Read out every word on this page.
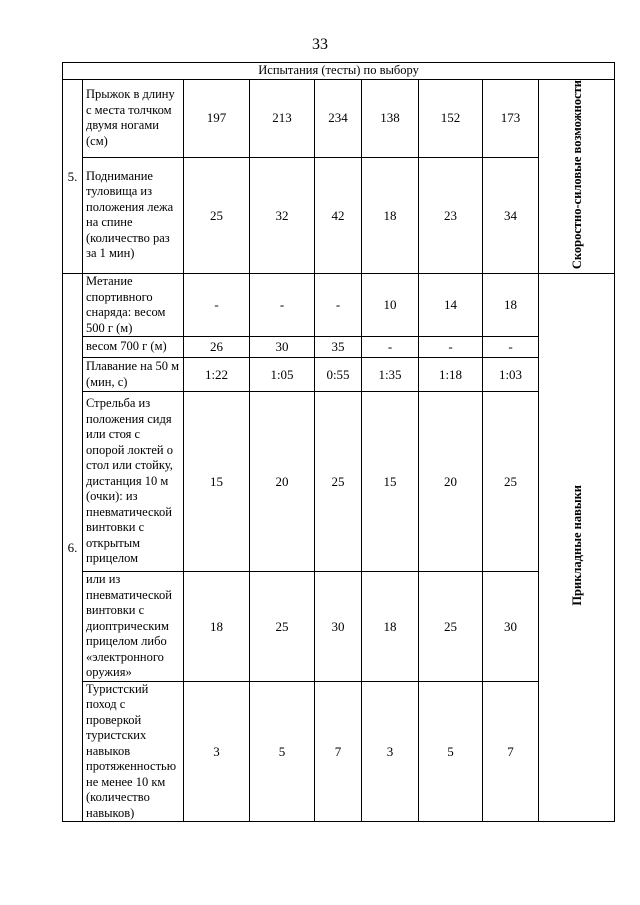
33
Испытания (тесты) по выбору								
5.	Прыжок в длину с места толчком двумя ногами (см)	197	213	234	138	152	173	Скоростно-силовые возможности
	Поднимание туловища из положения лежа на спине (количество раз за 1 мин)	25	32	42	18	23	34	
6.	Метание спортивного снаряда: весом 500 г (м)	-	-	-	10	14	18	Прикладные навыки
	весом 700 г (м)	26	30	35	-	-	-	
	Плавание на 50 м (мин, с)	1:22	1:05	0:55	1:35	1:18	1:03	
	Стрельба из положения сидя или стоя с опорой локтей о стол или стойку, дистанция 10 м (очки): из пневматической винтовки с открытым прицелом	15	20	25	15	20	25	
	или из пневматической винтовки с диоптрическим прицелом либо «электронного оружия»	18	25	30	18	25	30	
	Туристский поход с проверкой туристских навыков протяженностью не менее 10 км (количество навыков)	3	5	7	3	5	7	
